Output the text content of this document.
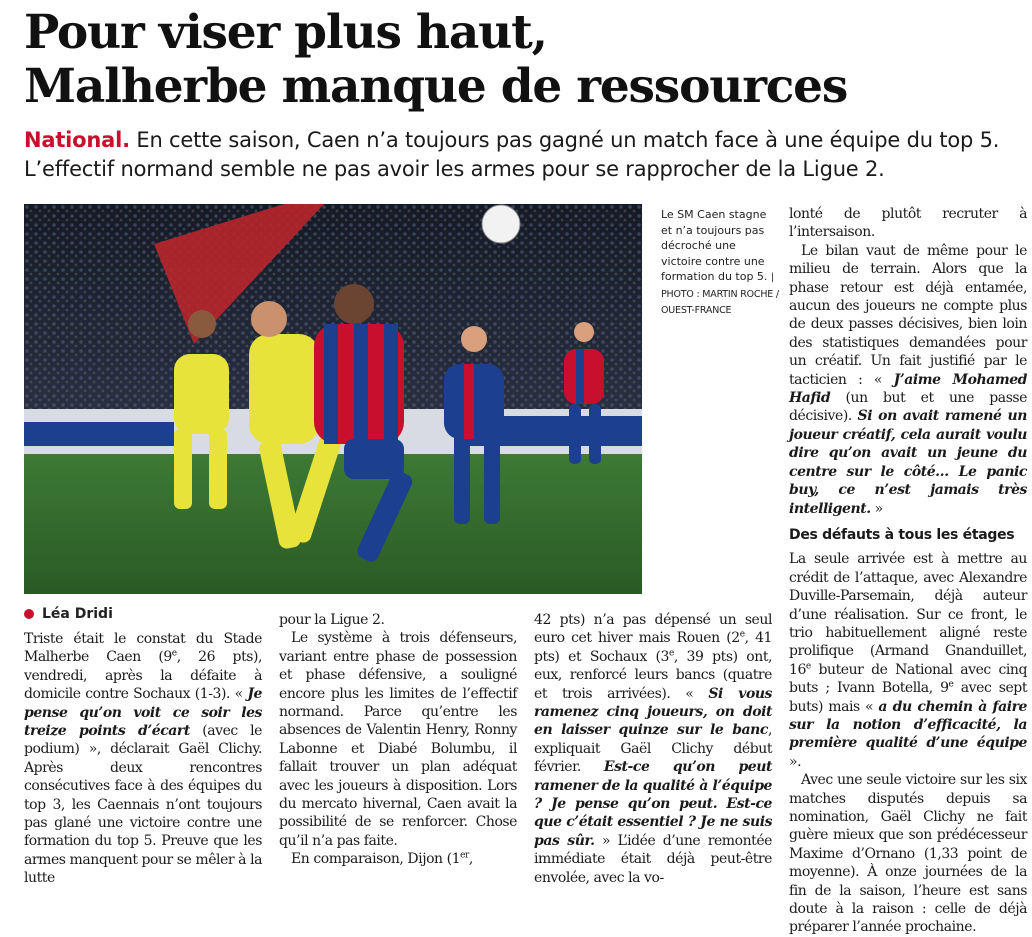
Pour viser plus haut,
Malherbe manque de ressources
National. En cette saison, Caen n’a toujours pas gagné un match face à une équipe du top 5. L’effectif normand semble ne pas avoir les armes pour se rapprocher de la Ligue 2.
Le SM Caen stagne et n’a toujours pas décroché une victoire contre une formation du top 5. | PHOTO : MARTIN ROCHE / OUEST-FRANCE
Léa Dridi

Triste était le constat du Stade Malherbe Caen (9e, 26 pts), vendredi, après la défaite à domicile contre Sochaux (1-3). « Je pense qu’on voit ce soir les treize points d’écart (avec le podium) », déclarait Gaël Clichy. Après deux rencontres consécutives face à des équipes du top 3, les Caennais n’ont toujours pas glané une victoire contre une formation du top 5. Preuve que les armes manquent pour se mêler à la lutte

pour la Ligue 2.

Le système à trois défenseurs, variant entre phase de possession et phase défensive, a souligné encore plus les limites de l’effectif normand. Parce qu’entre les absences de Valentin Henry, Ronny Labonne et Diabé Bolumbu, il fallait trouver un plan adéquat avec les joueurs à disposition. Lors du mercato hivernal, Caen avait la possibilité de se renforcer. Chose qu’il n’a pas faite.

En comparaison, Dijon (1er,

42 pts) n’a pas dépensé un seul euro cet hiver mais Rouen (2e, 41 pts) et Sochaux (3e, 39 pts) ont, eux, renforcé leurs bancs (quatre et trois arrivées). « Si vous ramenez cinq joueurs, on doit en laisser quinze sur le banc, expliquait Gaël Clichy début février. Est-ce qu’on peut ramener de la qualité à l’équipe ? Je pense qu’on peut. Est-ce que c’était essentiel ? Je ne suis pas sûr. » L’idée d’une remontée immédiate était déjà peut-être envolée, avec la vo-

lonté de plutôt recruter à l’intersaison.

Le bilan vaut de même pour le milieu de terrain. Alors que la phase retour est déjà entamée, aucun des joueurs ne compte plus de deux passes décisives, bien loin des statistiques demandées pour un créatif. Un fait justifié par le tacticien : « J’aime Mohamed Hafid (un but et une passe décisive). Si on avait ramené un joueur créatif, cela aurait voulu dire qu’on avait un jeune du centre sur le côté… Le panic buy, ce n’est jamais très intelligent. »

Des défauts à tous les étages

La seule arrivée est à mettre au crédit de l’attaque, avec Alexandre Duville-Parsemain, déjà auteur d’une réalisation. Sur ce front, le trio habituellement aligné reste prolifique (Armand Gnanduillet, 16e buteur de National avec cinq buts ; Ivann Botella, 9e avec sept buts) mais « a du chemin à faire sur la notion d’efficacité, la première qualité d’une équipe ».

Avec une seule victoire sur les six matches disputés depuis sa nomination, Gaël Clichy ne fait guère mieux que son prédécesseur Maxime d’Ornano (1,33 point de moyenne). À onze journées de la fin de la saison, l’heure est sans doute à la raison : celle de déjà préparer l’année prochaine.
